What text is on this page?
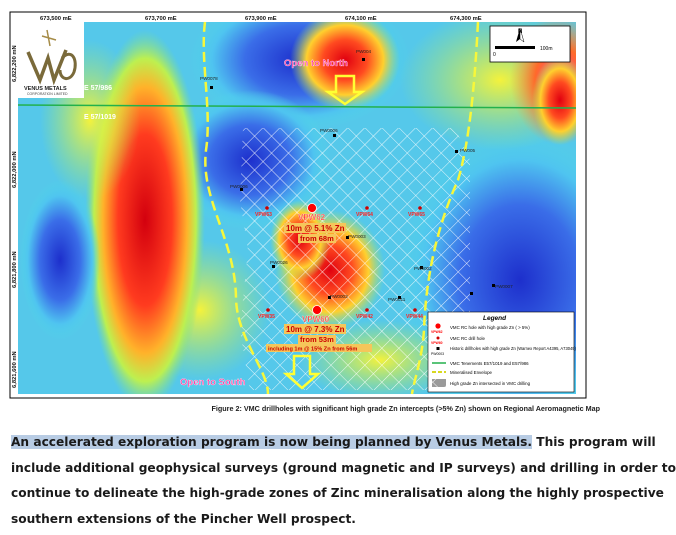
E 57/986
E 57/1019
VENUS METALS
CORPORATION LIMITED
N
0
100m
673,500 mE	673,700 mE	673,900 mE	674,100 mE	674,300 mE
6,822,200 mN
6,822,000 mN
6,821,800 mN
6,821,600 mN
Open to North
Open to South
PW004
PW0078
PW0006
PW005
PW0006
PW0003
PW0026
PW0002
PW0007
PW0003
PW0011
VPW63	VPW64	VPW65
VPW35	VPW42	VPW44
VPW62
10m @ 5.1% Zn
from 68m
VPW60
10m @ 7.3% Zn
from 53m
including 1m @ 15% Zn from 56m
Legend
VPW62
VMC RC hole with high grade Zn ( > 5%)
VPW60
VMC RC drill hole
PW0003
Historic drillholes with high grade Zn (Warnex Report A4395, A73049)
VMC Tenements E57/1019 and E57/986
Mineralised Envelope
High grade Zn intersected in VMC drilling
Figure 2: VMC drillholes with significant high grade Zn intercepts (>5% Zn) shown on Regional Aeromagnetic Map
An accelerated exploration program is now being planned by Venus Metals. This program will
include additional geophysical surveys (ground magnetic and IP surveys) and drilling in order to
continue to delineate the high-grade zones of Zinc mineralisation along the highly prospective
southern extensions of the Pincher Well prospect.
